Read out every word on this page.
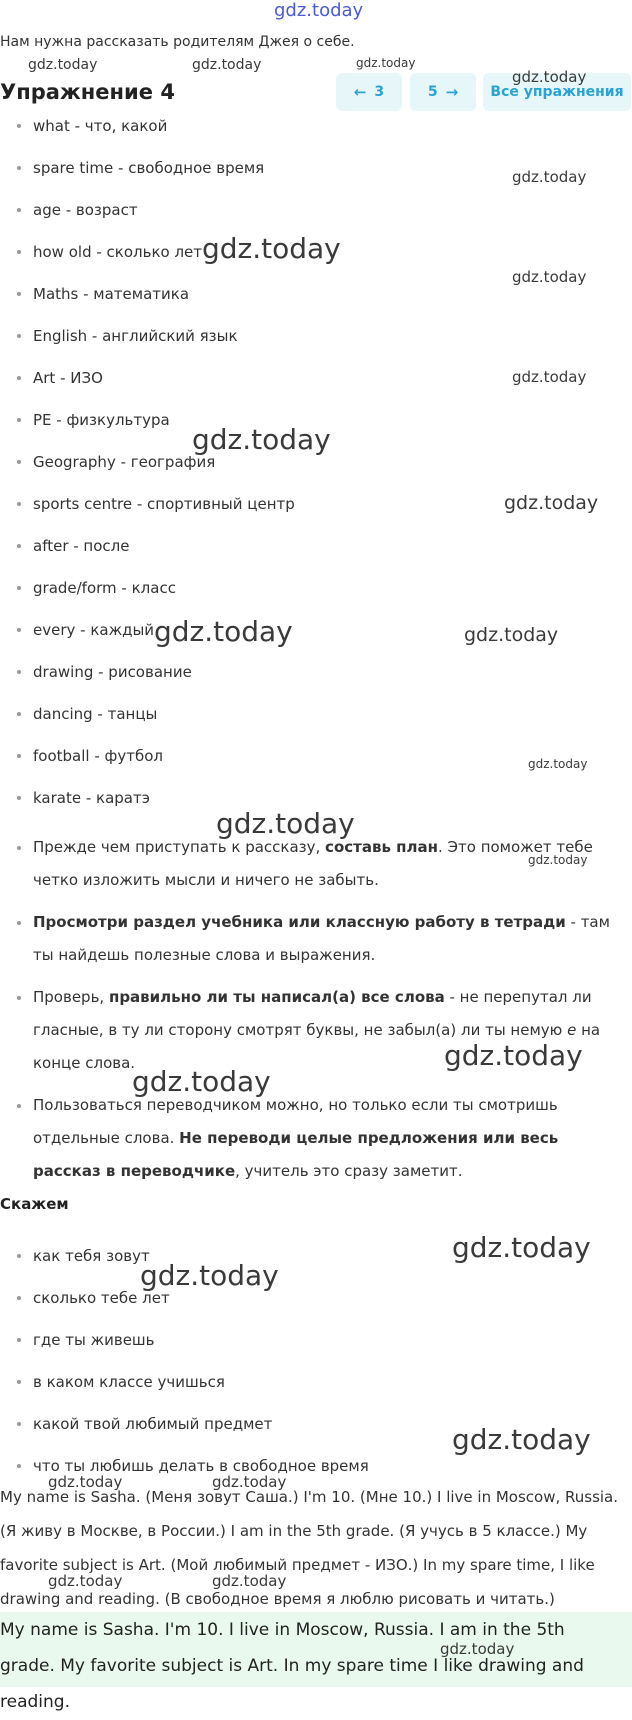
gdz.today
Нам нужна рассказать родителям Джея о себе.
Упражнение 4	← 3	5 → Все упражнения
what - что, какой
spare time - свободное время
age - возраст
how old - сколько лет
Maths - математика
English - английский язык
Art - ИЗО
PE - физкультура
Geography - география
sports centre - спортивный центр
after - после
grade/form - класс
every - каждый
drawing - рисование
dancing - танцы
football - футбол
karate - каратэ
Прежде чем приступать к рассказу, составь план. Это поможет тебе четко изложить мысли и ничего не забыть.
Просмотри раздел учебника или классную работу в тетради - там ты найдешь полезные слова и выражения.
Проверь, правильно ли ты написал(а) все слова - не перепутал ли гласные, в ту ли сторону смотрят буквы, не забыл(а) ли ты немую e на конце слова.
Пользоваться переводчиком можно, но только если ты смотришь отдельные слова. Не переводи целые предложения или весь рассказ в переводчике, учитель это сразу заметит.
Скажем
как тебя зовут
сколько тебе лет
где ты живешь
в каком классе учишься
какой твой любимый предмет
что ты любишь делать в свободное время
My name is Sasha. (Меня зовут Саша.) I'm 10. (Мне 10.) I live in Moscow, Russia. (Я живу в Москве, в России.) I am in the 5th grade. (Я учусь в 5 классе.) My favorite subject is Art. (Мой любимый предмет - ИЗО.) In my spare time, I like drawing and reading. (В свободное время я люблю рисовать и читать.)
My name is Sasha. I'm 10. I live in Moscow, Russia. I am in the 5th grade. My favorite subject is Art. In my spare time I like drawing and reading.
gdz.today	gdz.today	gdz.today
gdz.today
gdz.today
gdz.today
gdz.today
gdz.today
gdz.today
gdz.today
gdz.today	gdz.today
gdz.today
gdz.today
gdz.today
gdz.today
gdz.today
gdz.today
gdz.today
gdz.today
gdz.today	gdz.today
gdz.today	gdz.today
gdz.today
